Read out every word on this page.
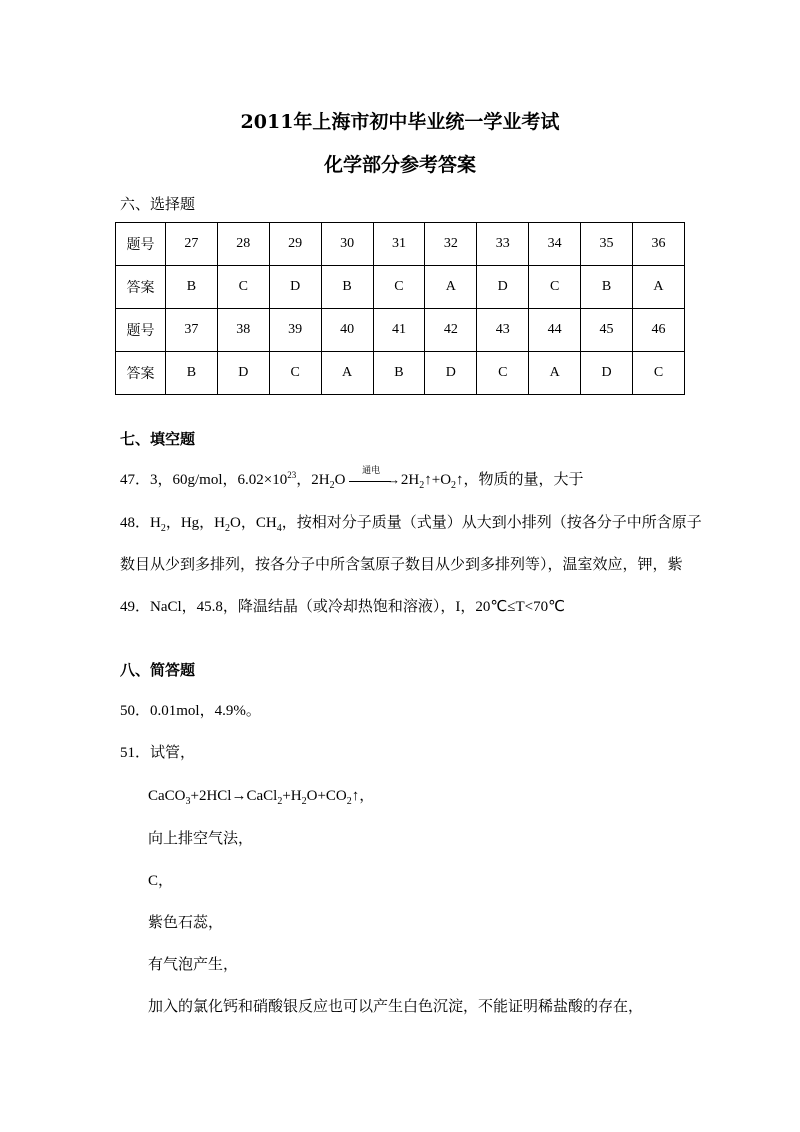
2011年上海市初中毕业统一学业考试
化学部分参考答案
六、选择题
题号	27	28	29	30	31	32	33	34	35	36
答案	B	C	D	B	C	A	D	C	B	A
题号	37	38	39	40	41	42	43	44	45	46
答案	B	D	C	A	B	D	C	A	D	C
七、填空题
47．3，60g/mol，$6.02\times 10^{23}$，$2H_2O$
通电
→ $2H_2↑+O_2↑$，物质的量，大于
48．$H_2$，Hg，$H_2O$，$CH_4$，按相对分子质量（式量）从大到小排列（按各分子中所含原子
数目从少到多排列，按各分子中所含氢原子数目从少到多排列等），温室效应，钾，紫
49．NaCl，45.8，降温结晶（或冷却热饱和溶液），I，20℃≤T<70℃
八、简答题
50．0.01mol，4.9%。
51．试管，
$CaCO_3+2HCl\to CaCl_2+H_2O+CO_2↑$，
向上排空气法，
C，
紫色石蕊，
有气泡产生，
加入的氯化钙和硝酸银反应也可以产生白色沉淀，不能证明稀盐酸的存在，
